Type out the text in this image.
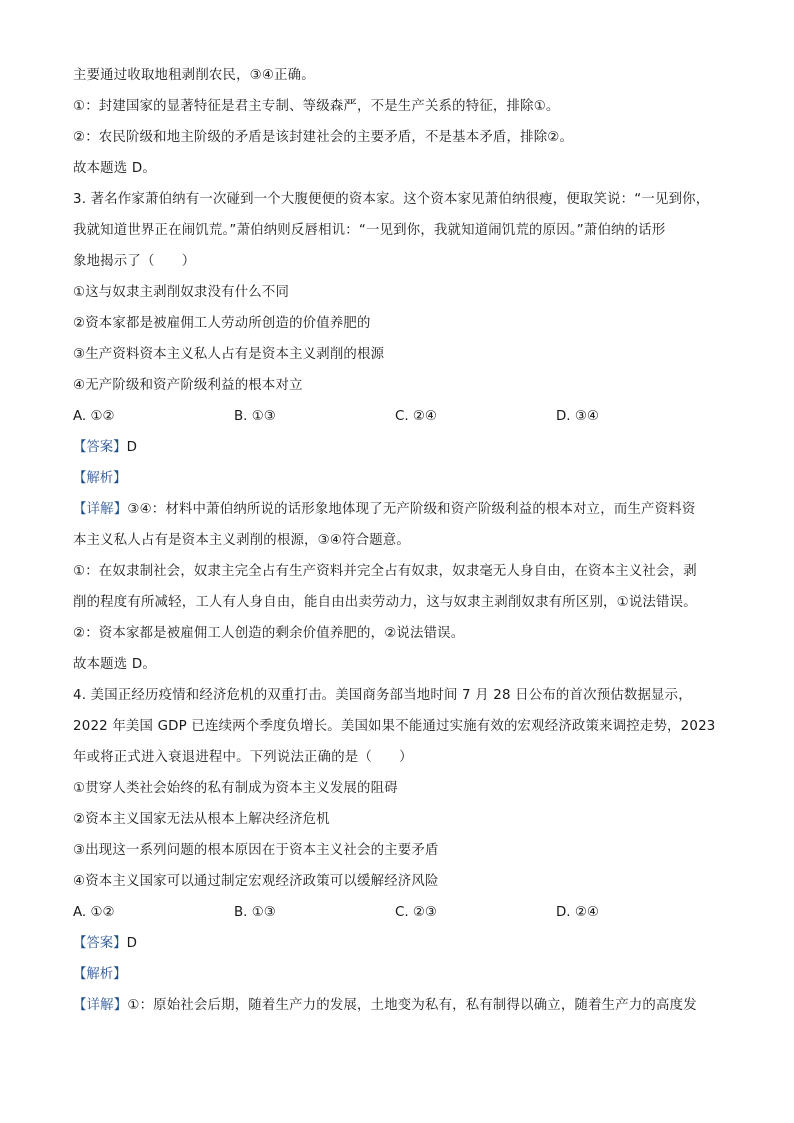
主要通过收取地租剥削农民，③④正确。
①：封建国家的显著特征是君主专制、等级森严，不是生产关系的特征，排除①。
②：农民阶级和地主阶级的矛盾是该封建社会的主要矛盾，不是基本矛盾，排除②。
故本题选 D。
3. 著名作家萧伯纳有一次碰到一个大腹便便的资本家。这个资本家见萧伯纳很瘦，便取笑说：“一见到你，
我就知道世界正在闹饥荒。”萧伯纳则反唇相讥：“一见到你，我就知道闹饥荒的原因。”萧伯纳的话形
象地揭示了（　　）
①这与奴隶主剥削奴隶没有什么不同
②资本家都是被雇佣工人劳动所创造的价值养肥的
③生产资料资本主义私人占有是资本主义剥削的根源
④无产阶级和资产阶级利益的根本对立
A. ①②	B. ①③	C. ②④	D. ③④
【答案】D
【解析】
【详解】③④：材料中萧伯纳所说的话形象地体现了无产阶级和资产阶级利益的根本对立，而生产资料资
本主义私人占有是资本主义剥削的根源，③④符合题意。
①：在奴隶制社会，奴隶主完全占有生产资料并完全占有奴隶，奴隶毫无人身自由，在资本主义社会，剥
削的程度有所减轻，工人有人身自由，能自由出卖劳动力，这与奴隶主剥削奴隶有所区别，①说法错误。
②：资本家都是被雇佣工人创造的剩余价值养肥的，②说法错误。
故本题选 D。
4. 美国正经历疫情和经济危机的双重打击。美国商务部当地时间 7 月 28 日公布的首次预估数据显示，
2022 年美国 GDP 已连续两个季度负增长。美国如果不能通过实施有效的宏观经济政策来调控走势，2023
年或将正式进入衰退进程中。下列说法正确的是（　　）
①贯穿人类社会始终的私有制成为资本主义发展的阻碍
②资本主义国家无法从根本上解决经济危机
③出现这一系列问题的根本原因在于资本主义社会的主要矛盾
④资本主义国家可以通过制定宏观经济政策可以缓解经济风险
A. ①②	B. ①③	C. ②③	D. ②④
【答案】D
【解析】
【详解】①：原始社会后期，随着生产力的发展，土地变为私有，私有制得以确立，随着生产力的高度发
